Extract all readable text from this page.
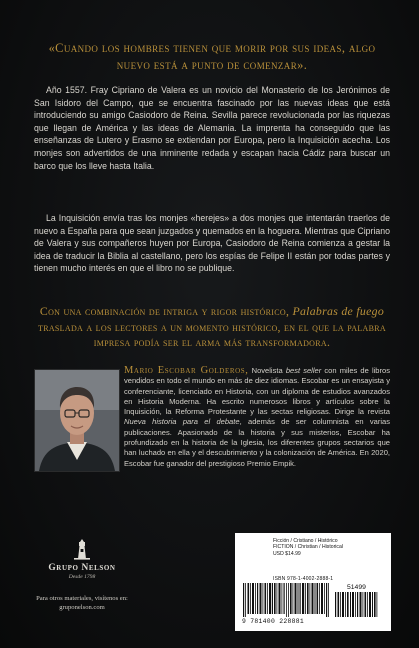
«Cuando los hombres tienen que morir por sus ideas, algo nuevo está a punto de comenzar».
Año 1557. Fray Cipriano de Valera es un novicio del Monasterio de los Jerónimos de San Isidoro del Campo, que se encuentra fascinado por las nuevas ideas que está introduciendo su amigo Casiodoro de Reina. Sevilla parece revolucionada por las riquezas que llegan de América y las ideas de Alemania. La imprenta ha conseguido que las enseñanzas de Lutero y Erasmo se extiendan por Europa, pero la Inquisición acecha. Los monjes son advertidos de una inminente redada y escapan hacia Cádiz para buscar un barco que los lleve hasta Italia.
La Inquisición envía tras los monjes «herejes» a dos monjes que intentarán traerlos de nuevo a España para que sean juzgados y quemados en la hoguera. Mientras que Cipriano de Valera y sus compañeros huyen por Europa, Casiodoro de Reina comienza a gestar la idea de traducir la Biblia al castellano, pero los espías de Felipe II están por todas partes y tienen mucho interés en que el libro no se publique.
Con una combinación de intriga y rigor histórico, Palabras de fuego traslada a los lectores a un momento histórico, en el que la palabra impresa podía ser el arma más transformadora.
Mario Escobar Golderos, Novelista best seller con miles de libros vendidos en todo el mundo en más de diez idiomas. Escobar es un ensayista y conferenciante, licenciado en Historia, con un diploma de estudios avanzados en Historia Moderna. Ha escrito numerosos libros y artículos sobre la Inquisición, la Reforma Protestante y las sectas religiosas. Dirige la revista Nueva historia para el debate, además de ser columnista en varias publicaciones. Apasionado de la historia y sus misterios, Escobar ha profundizado en la historia de la Iglesia, los diferentes grupos sectarios que han luchado en ella y el descubrimiento y la colonización de América. En 2020, Escobar fue ganador del prestigioso Premio Empik.
Grupo Nelson
Desde 1798
Para otros materiales, visítenos en:
gruponelson.com
Ficción / Cristiano / Histórico
FICTION / Christian / Historical
USD $14.99
ISBN 978-1-4002-2888-1
51499
9 781400 228881
